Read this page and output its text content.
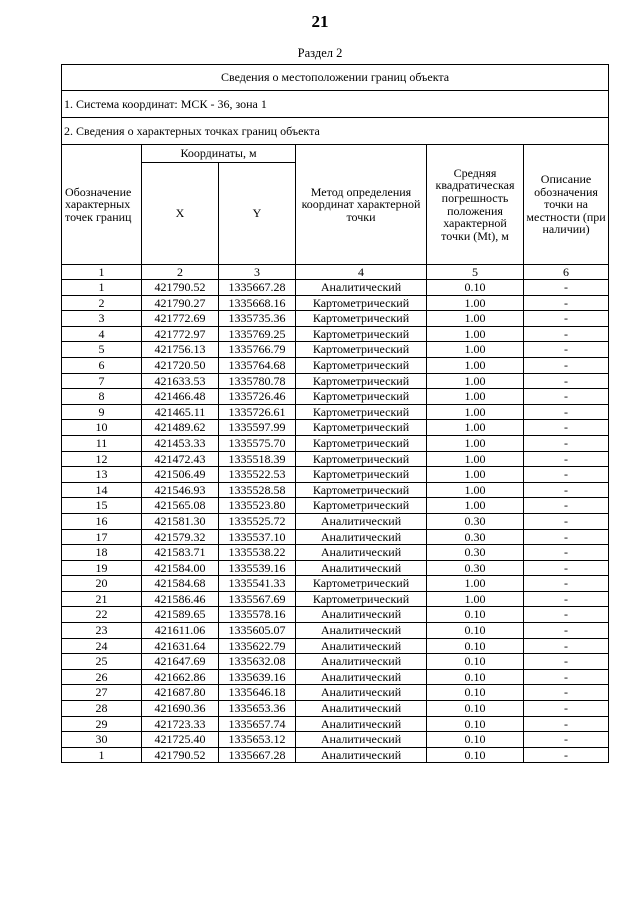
21
Раздел 2
Сведения о местоположении границ объекта					
1. Система координат: МСК - 36, зона 1					
2. Сведения о характерных точках границ объекта					
Обозначение характерных точек границ	Координаты, м		Метод определения координат характерной точки	Средняя квадратическая погрешность положения характерной точки (Mt), м	Описание обозначения точки на местности (при наличии)
	X	Y			
1	2	3	4	5	6
1	421790.52	1335667.28	Аналитический	0.10	-
2	421790.27	1335668.16	Картометрический	1.00	-
3	421772.69	1335735.36	Картометрический	1.00	-
4	421772.97	1335769.25	Картометрический	1.00	-
5	421756.13	1335766.79	Картометрический	1.00	-
6	421720.50	1335764.68	Картометрический	1.00	-
7	421633.53	1335780.78	Картометрический	1.00	-
8	421466.48	1335726.46	Картометрический	1.00	-
9	421465.11	1335726.61	Картометрический	1.00	-
10	421489.62	1335597.99	Картометрический	1.00	-
11	421453.33	1335575.70	Картометрический	1.00	-
12	421472.43	1335518.39	Картометрический	1.00	-
13	421506.49	1335522.53	Картометрический	1.00	-
14	421546.93	1335528.58	Картометрический	1.00	-
15	421565.08	1335523.80	Картометрический	1.00	-
16	421581.30	1335525.72	Аналитический	0.30	-
17	421579.32	1335537.10	Аналитический	0.30	-
18	421583.71	1335538.22	Аналитический	0.30	-
19	421584.00	1335539.16	Аналитический	0.30	-
20	421584.68	1335541.33	Картометрический	1.00	-
21	421586.46	1335567.69	Картометрический	1.00	-
22	421589.65	1335578.16	Аналитический	0.10	-
23	421611.06	1335605.07	Аналитический	0.10	-
24	421631.64	1335622.79	Аналитический	0.10	-
25	421647.69	1335632.08	Аналитический	0.10	-
26	421662.86	1335639.16	Аналитический	0.10	-
27	421687.80	1335646.18	Аналитический	0.10	-
28	421690.36	1335653.36	Аналитический	0.10	-
29	421723.33	1335657.74	Аналитический	0.10	-
30	421725.40	1335653.12	Аналитический	0.10	-
1	421790.52	1335667.28	Аналитический	0.10	-
